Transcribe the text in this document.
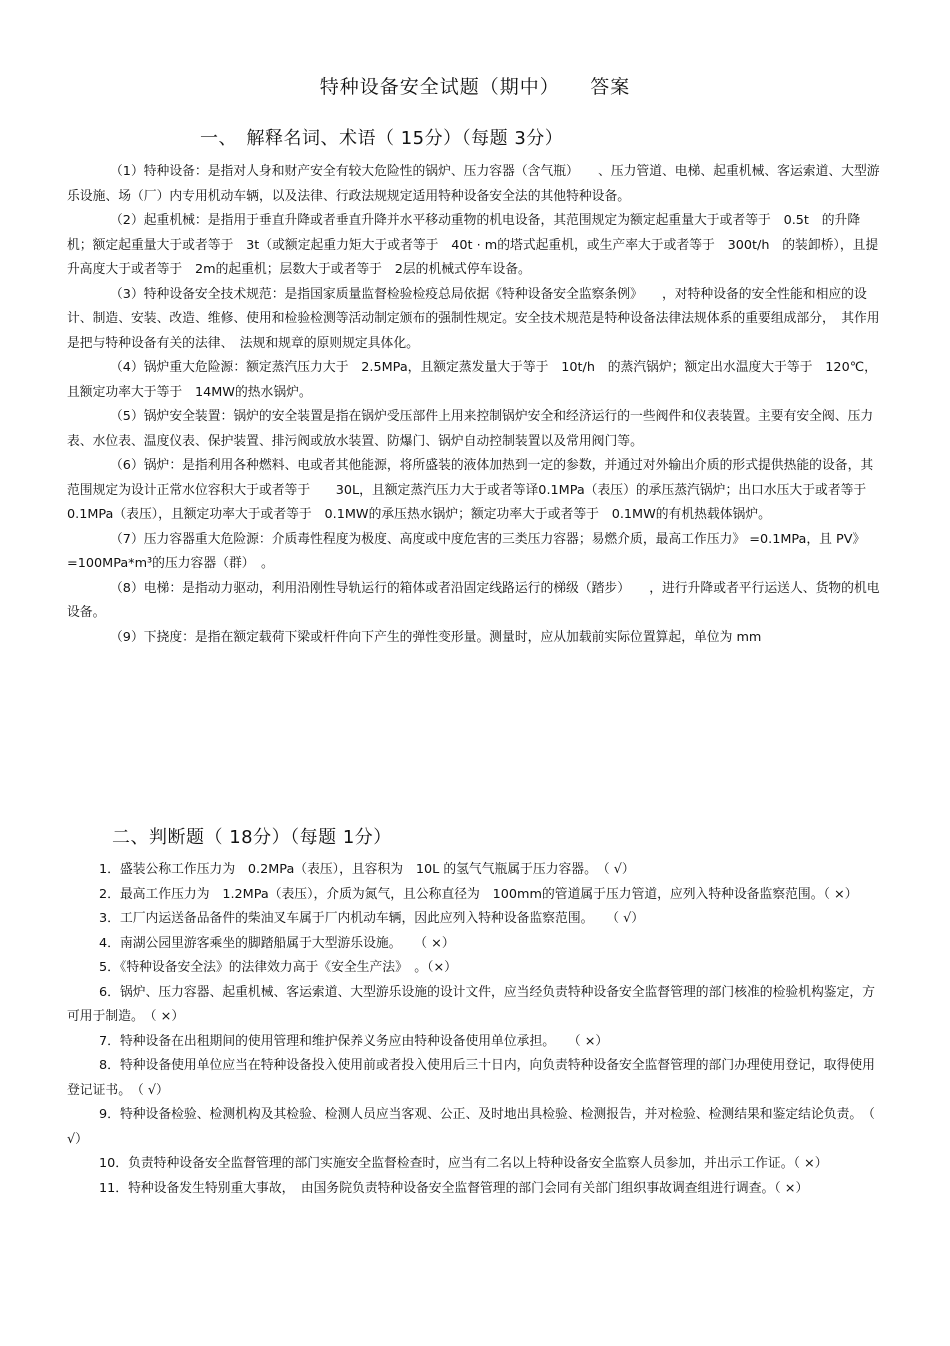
特种设备安全试题（期中）　　答案
一、　解释名词、术语（ 15分）（每题 3分）

（1）特种设备：是指对人身和财产安全有较大危险性的锅炉、压力容器（含气瓶）　　、压力管道、电梯、起重机械、客运索道、大型游乐设施、场（厂）内专用机动车辆，以及法律、行政法规规定适用特种设备安全法的其他特种设备。

（2）起重机械：是指用于垂直升降或者垂直升降并水平移动重物的机电设备，其范围规定为额定起重量大于或者等于　0.5t　的升降机；额定起重量大于或者等于　3t（或额定起重力矩大于或者等于　40t · m的塔式起重机，或生产率大于或者等于　300t/h　的装卸桥），且提升高度大于或者等于　2m的起重机；层数大于或者等于　2层的机械式停车设备。

（3）特种设备安全技术规范：是指国家质量监督检验检疫总局依据《特种设备安全监察条例》　　，对特种设备的安全性能和相应的设计、制造、安装、改造、维修、使用和检验检测等活动制定颁布的强制性规定。安全技术规范是特种设备法律法规体系的重要组成部分，　其作用是把与特种设备有关的法律、　法规和规章的原则规定具体化。

（4）锅炉重大危险源：额定蒸汽压力大于　2.5MPa，且额定蒸发量大于等于　10t/h　的蒸汽锅炉；额定出水温度大于等于　120℃，且额定功率大于等于　14MW的热水锅炉。

（5）锅炉安全装置：锅炉的安全装置是指在锅炉受压部件上用来控制锅炉安全和经济运行的一些阀件和仪表装置。主要有安全阀、压力表、水位表、温度仪表、保护装置、排污阀或放水装置、防爆门、锅炉自动控制装置以及常用阀门等。

（6）锅炉：是指利用各种燃料、电或者其他能源，将所盛装的液体加热到一定的参数，并通过对外输出介质的形式提供热能的设备，其范围规定为设计正常水位容积大于或者等于　　30L，且额定蒸汽压力大于或者等译0.1MPa（表压）的承压蒸汽锅炉；出口水压大于或者等于　　0.1MPa（表压），且额定功率大于或者等于　0.1MW的承压热水锅炉；额定功率大于或者等于　0.1MW的有机热载体锅炉。

（7）压力容器重大危险源：介质毒性程度为极度、高度或中度危害的三类压力容器；易燃介质，最高工作压力》 =0.1MPa，且 PV》=100MPa*m³的压力容器（群）　。

（8）电梯：是指动力驱动，利用沿刚性导轨运行的箱体或者沿固定线路运行的梯级（踏步）　　，进行升降或者平行运送人、货物的机电设备。

（9）下挠度：是指在额定载荷下梁或杆件向下产生的弹性变形量。测量时，应从加载前实际位置算起，单位为 mm

二、判断题（ 18分）（每题 1分）

1．盛装公称工作压力为　0.2MPa（表压），且容积为　10L 的氢气气瓶属于压力容器。　（ √）

2．最高工作压力为　1.2MPa（表压），介质为氮气，且公称直径为　100mm的管道属于压力管道，应列入特种设备监察范围。（ ×）

3．工厂内运送备品备件的柴油叉车属于厂内机动车辆，因此应列入特种设备监察范围。　　（ √）

4．南湖公园里游客乘坐的脚踏船属于大型游乐设施。　　（ ×）

5．《特种设备安全法》的法律效力高于《安全生产法》　。（×）

6．锅炉、压力容器、起重机械、客运索道、大型游乐设施的设计文件，应当经负责特种设备安全监督管理的部门核准的检验机构鉴定，方可用于制造。　（ ×）

7．特种设备在出租期间的使用管理和维护保养义务应由特种设备使用单位承担。　　（ ×）

8．特种设备使用单位应当在特种设备投入使用前或者投入使用后三十日内，向负责特种设备安全监督管理的部门办理使用登记，取得使用登记证书。　（ √）

9．特种设备检验、检测机构及其检验、检测人员应当客观、公正、及时地出具检验、检测报告，并对检验、检测结果和鉴定结论负责。　（ √）

10．负责特种设备安全监督管理的部门实施安全监督检查时，应当有二名以上特种设备安全监察人员参加，并出示工作证。（ ×）

11．特种设备发生特别重大事故，　由国务院负责特种设备安全监督管理的部门会同有关部门组织事故调查组进行调查。（ ×）
